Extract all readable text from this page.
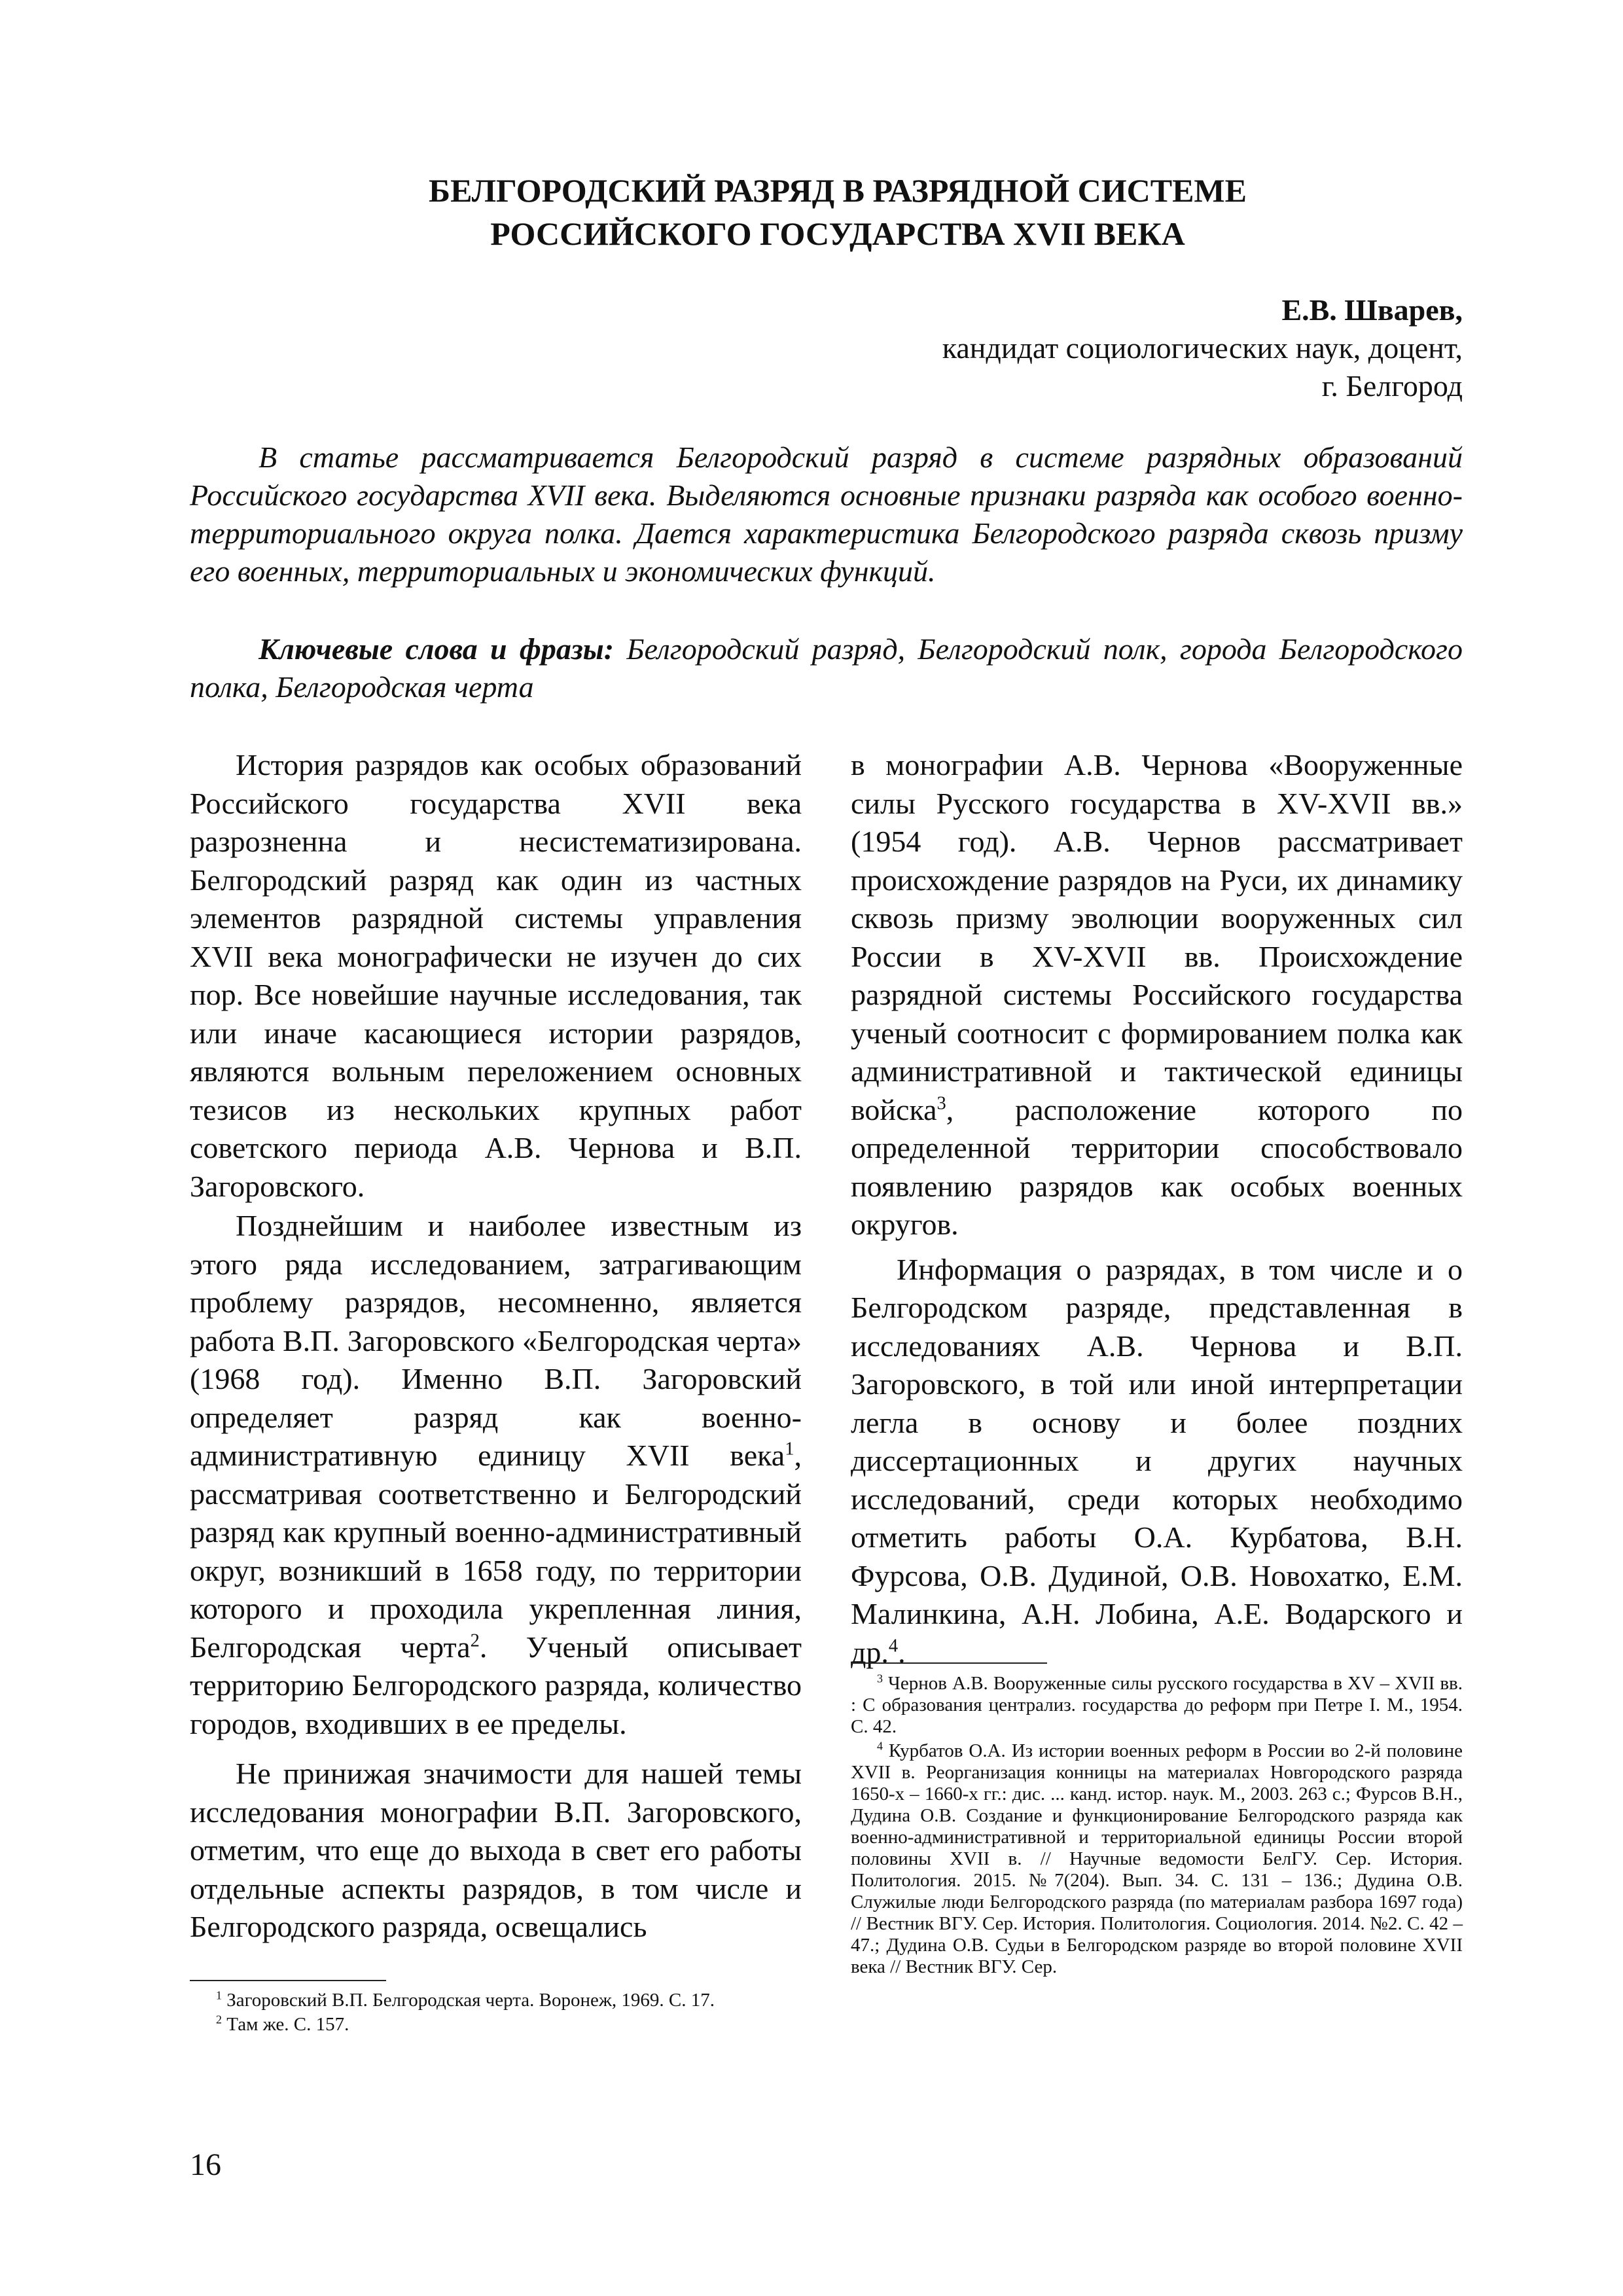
БЕЛГОРОДСКИЙ РАЗРЯД В РАЗРЯДНОЙ СИСТЕМЕ
РОССИЙСКОГО ГОСУДАРСТВА XVII ВЕКА
Е.В. Шварев,
кандидат социологических наук, доцент,
г. Белгород
В статье рассматривается Белгородский разряд в системе разрядных образований Российского государства XVII века. Выделяются основные признаки разряда как особого военно-территориального округа полка. Дается характеристика Белгородского разряда сквозь призму его военных, территориальных и экономических функций.
Ключевые слова и фразы: Белгородский разряд, Белгородский полк, города Белгородского полка, Белгородская черта

История разрядов как особых образований Российского государства XVII века разрозненна и несистематизирована. Белгородский разряд как один из частных элементов разрядной системы управления XVII века монографически не изучен до сих пор. Все новейшие научные исследования, так или иначе касающиеся истории разрядов, являются вольным переложением основных тезисов из нескольких крупных работ советского периода А.В. Чернова и В.П. Загоровского.

Позднейшим и наиболее известным из этого ряда исследованием, затрагивающим проблему разрядов, несомненно, является работа В.П. Загоровского «Белгородская черта» (1968 год). Именно В.П. Загоровский определяет разряд как военно-административную единицу XVII века$^1$, рассматривая соответственно и Белгородский разряд как крупный военно-административный округ, возникший в 1658 году, по территории которого и проходила укрепленная линия, Белгородская черта$^2$. Ученый описывает территорию Белгородского разряда, количество городов, входивших в ее пределы.

Не принижая значимости для нашей темы исследования монографии В.П. Загоровского, отметим, что еще до выхода в свет его работы отдельные аспекты разрядов, в том числе и Белгородского разряда, освещались

в монографии А.В. Чернова «Вооруженные силы Русского государства в XV-XVII вв.» (1954 год). А.В. Чернов рассматривает происхождение разрядов на Руси, их динамику сквозь призму эволюции вооруженных сил России в XV-XVII вв. Происхождение разрядной системы Российского государства ученый соотносит с формированием полка как административной и тактической единицы войска$^3$, расположение которого по определенной территории способствовало появлению разрядов как особых военных округов.

Информация о разрядах, в том числе и о Белгородском разряде, представленная в исследованиях А.В. Чернова и В.П. Загоровского, в той или иной интерпретации легла в основу и более поздних диссертационных и других научных исследований, среди которых необходимо отметить работы О.А. Курбатова, В.Н. Фурсова, О.В. Дудиной, О.В. Новохатко, Е.М. Малинкина, А.Н. Лобина, А.Е. Водарского и др.$^4$.

$^1$ Загоровский В.П. Белгородская черта. Воронеж, 1969. С. 17.

$^2$ Там же. С. 157.

$^3$ Чернов А.В. Вооруженные силы русского государства в XV – XVII вв. : С образования централиз. государства до реформ при Петре I. М., 1954. С. 42.

$^4$ Курбатов О.А. Из истории военных реформ в России во 2-й половине XVII в. Реорганизация конницы на материалах Новгородского разряда 1650-х – 1660-х гг.: дис. ... канд. истор. наук. М., 2003. 263 с.; Фурсов В.Н., Дудина О.В. Создание и функционирование Белгородского разряда как военно-административной и территориальной единицы России второй половины XVII в. // Научные ведомости БелГУ. Сер. История. Политология. 2015. №7(204). Вып. 34. С. 131 – 136.; Дудина О.В. Служилые люди Белгородского разряда (по материалам разбора 1697 года) // Вестник ВГУ. Сер. История. Политология. Социология. 2014. №2. С. 42 – 47.; Дудина О.В. Судьи в Белгородском разряде во второй половине XVII века // Вестник ВГУ. Сер.

16
